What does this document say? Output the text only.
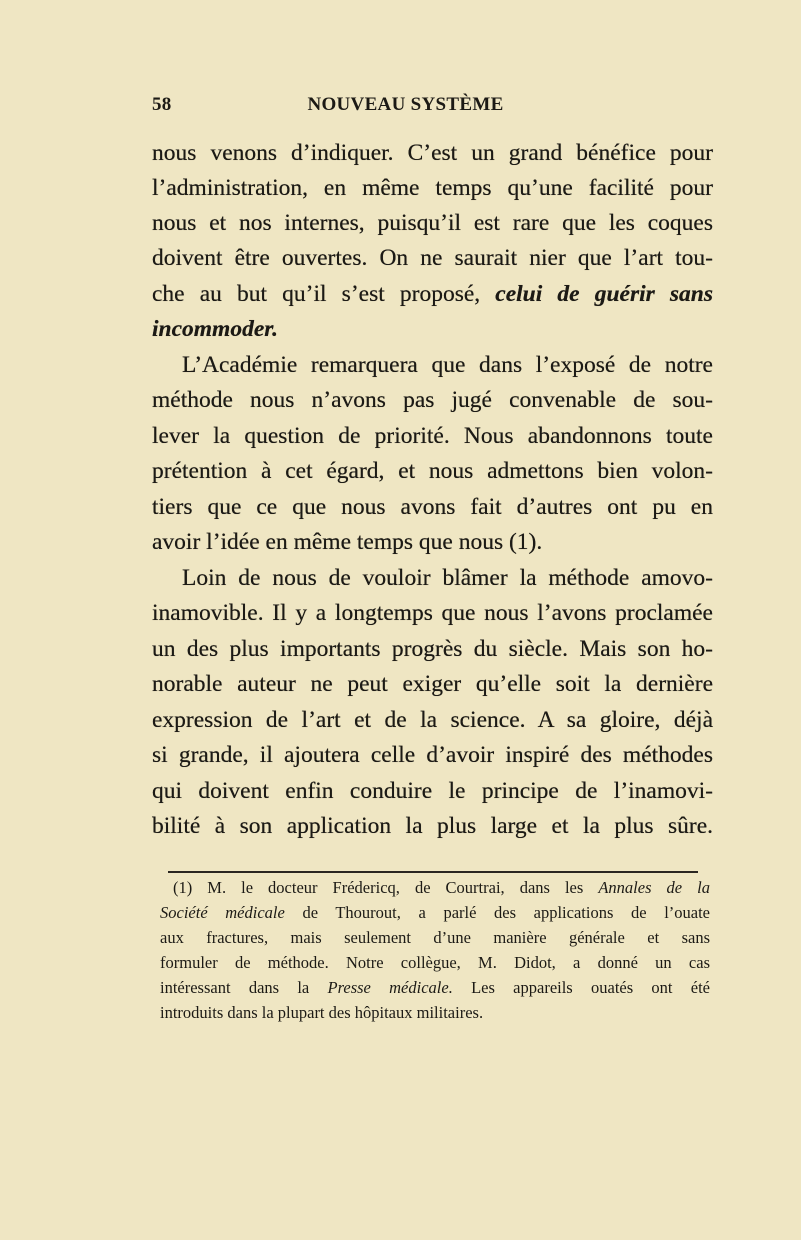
58	NOUVEAU SYSTÈME
nous venons d’indiquer. C’est un grand bénéfice pour
l’administration, en même temps qu’une facilité pour
nous et nos internes, puisqu’il est rare que les coques
doivent être ouvertes. On ne saurait nier que l’art tou-
che au but qu’il s’est proposé, celui de guérir sans
incommoder.
L’Académie remarquera que dans l’exposé de notre
méthode nous n’avons pas jugé convenable de sou-
lever la question de priorité. Nous abandonnons toute
prétention à cet égard, et nous admettons bien volon-
tiers que ce que nous avons fait d’autres ont pu en
avoir l’idée en même temps que nous (1).
Loin de nous de vouloir blâmer la méthode amovo-
inamovible. Il y a longtemps que nous l’avons proclamée
un des plus importants progrès du siècle. Mais son ho-
norable auteur ne peut exiger qu’elle soit la dernière
expression de l’art et de la science. A sa gloire, déjà
si grande, il ajoutera celle d’avoir inspiré des méthodes
qui doivent enfin conduire le principe de l’inamovi-
bilité à son application la plus large et la plus sûre.
(1) M. le docteur Frédericq, de Courtrai, dans les Annales de la
Société médicale de Thourout, a parlé des applications de l’ouate
aux fractures, mais seulement d’une manière générale et sans
formuler de méthode. Notre collègue, M. Didot, a donné un cas
intéressant dans la Presse médicale. Les appareils ouatés ont été
introduits dans la plupart des hôpitaux militaires.
